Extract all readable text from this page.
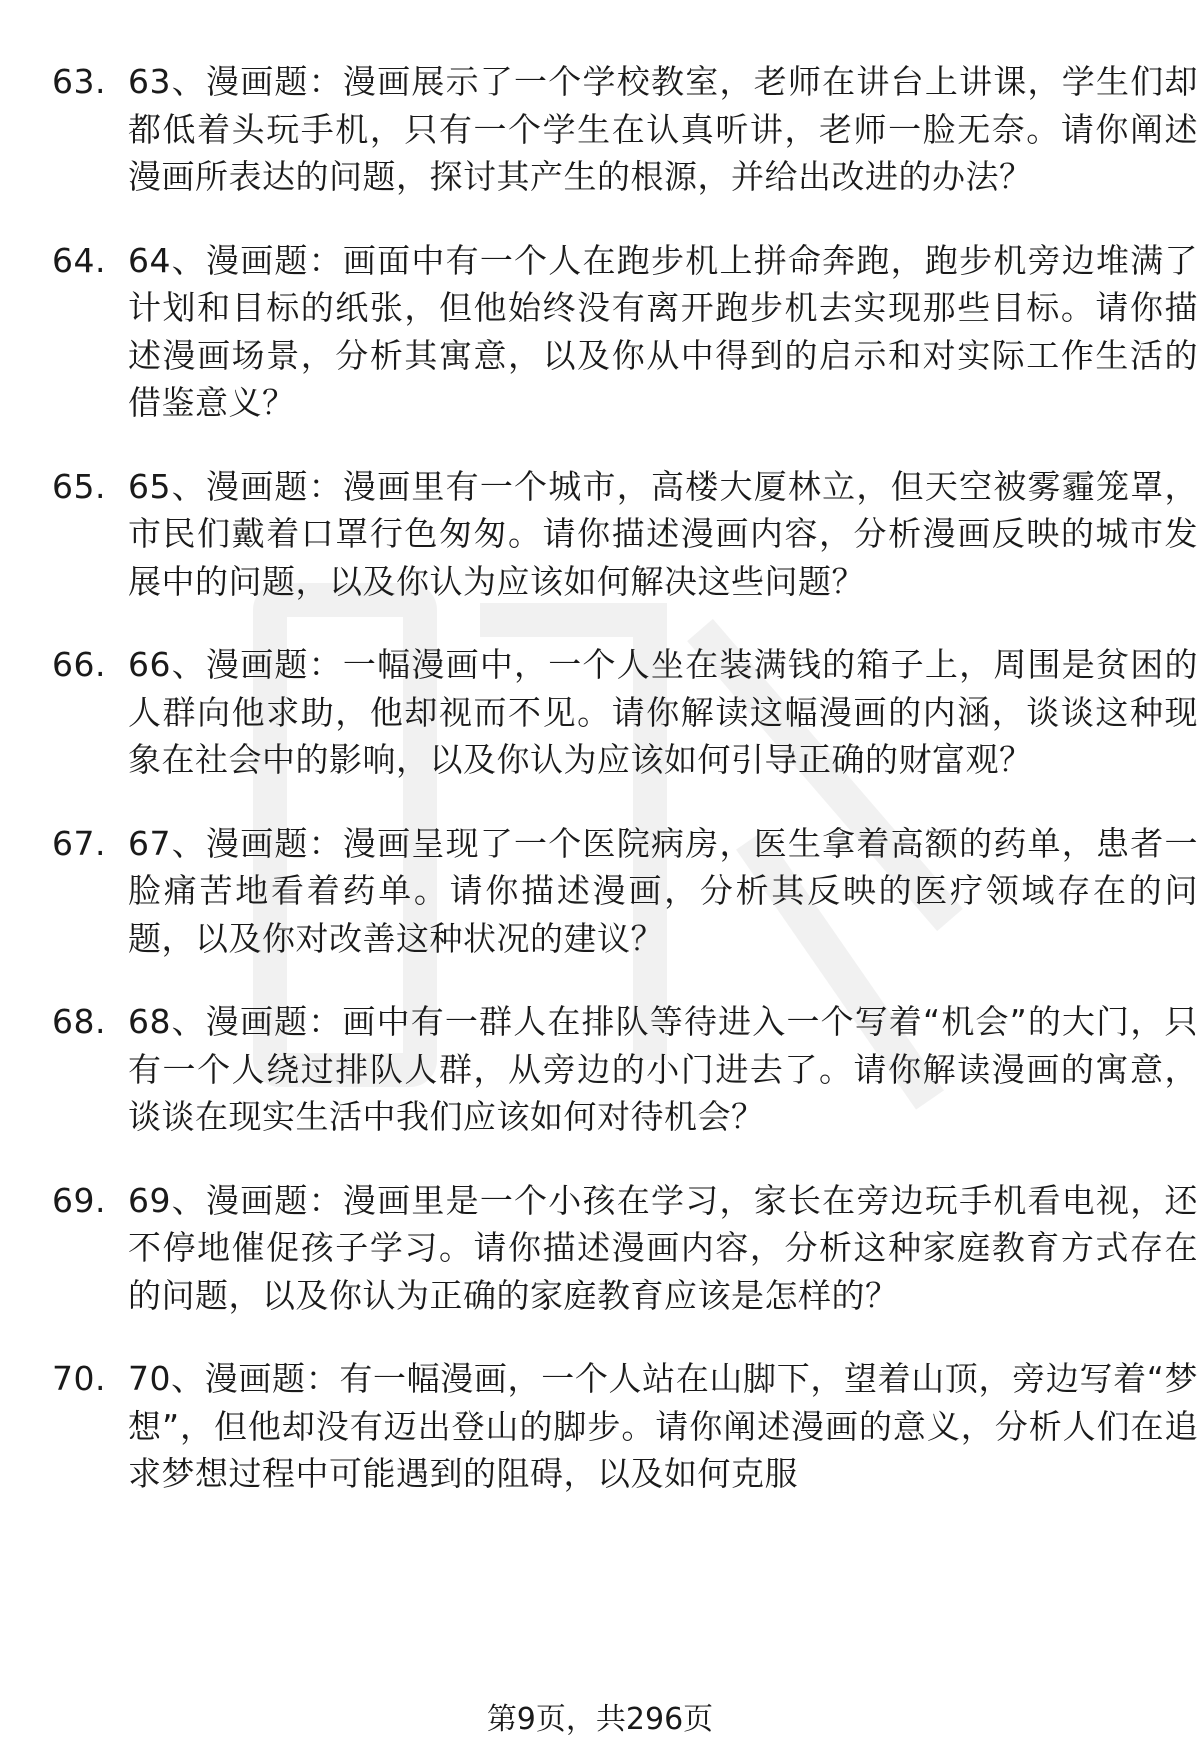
63. 63、漫画题：漫画展示了一个学校教室，老师在讲台上讲课，学生们却都低着头玩手机，只有一个学生在认真听讲，老师一脸无奈。请你阐述漫画所表达的问题，探讨其产生的根源，并给出改进的办法？
64. 64、漫画题：画面中有一个人在跑步机上拼命奔跑，跑步机旁边堆满了计划和目标的纸张，但他始终没有离开跑步机去实现那些目标。请你描述漫画场景，分析其寓意，以及你从中得到的启示和对实际工作生活的借鉴意义？
65. 65、漫画题：漫画里有一个城市，高楼大厦林立，但天空被雾霾笼罩，市民们戴着口罩行色匆匆。请你描述漫画内容，分析漫画反映的城市发展中的问题，以及你认为应该如何解决这些问题？
66. 66、漫画题：一幅漫画中，一个人坐在装满钱的箱子上，周围是贫困的人群向他求助，他却视而不见。请你解读这幅漫画的内涵，谈谈这种现象在社会中的影响，以及你认为应该如何引导正确的财富观？
67. 67、漫画题：漫画呈现了一个医院病房，医生拿着高额的药单，患者一脸痛苦地看着药单。请你描述漫画，分析其反映的医疗领域存在的问题，以及你对改善这种状况的建议？
68. 68、漫画题：画中有一群人在排队等待进入一个写着“机会”的大门，只有一个人绕过排队人群，从旁边的小门进去了。请你解读漫画的寓意，谈谈在现实生活中我们应该如何对待机会？
69. 69、漫画题：漫画里是一个小孩在学习，家长在旁边玩手机看电视，还不停地催促孩子学习。请你描述漫画内容，分析这种家庭教育方式存在的问题，以及你认为正确的家庭教育应该是怎样的？
70. 70、漫画题：有一幅漫画，一个人站在山脚下，望着山顶，旁边写着“梦想”，但他却没有迈出登山的脚步。请你阐述漫画的意义，分析人们在追求梦想过程中可能遇到的阻碍，以及如何克服
第9页，共296页
